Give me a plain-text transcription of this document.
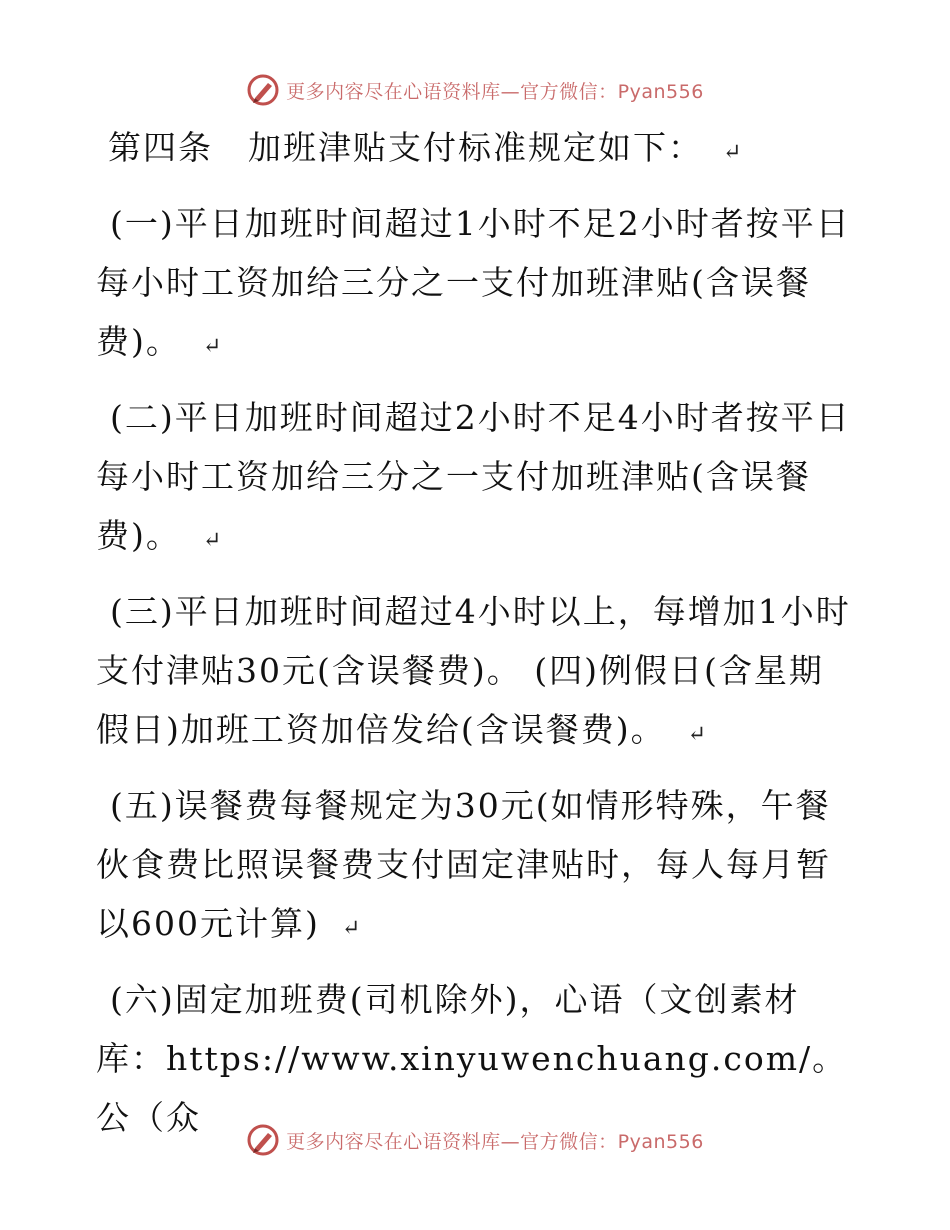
更多内容尽在心语资料库—官方微信：Pyan556

第四条　加班津贴支付标准规定如下： ↵

(一)平日加班时间超过1小时不足2小时者按平日每小时工资加给三分之一支付加班津贴(含误餐费)。 ↵

(二)平日加班时间超过2小时不足4小时者按平日每小时工资加给三分之一支付加班津贴(含误餐费)。 ↵

(三)平日加班时间超过4小时以上，每增加1小时支付津贴30元(含误餐费)。 (四)例假日(含星期假日)加班工资加倍发给(含误餐费)。 ↵

(五)误餐费每餐规定为30元(如情形特殊，午餐伙食费比照误餐费支付固定津贴时，每人每月暂以600元计算) ↵

(六)固定加班费(司机除外)，心语（文创素材库：https://www.xinyuwenchuang.com/。公（众

更多内容尽在心语资料库—官方微信：Pyan556
